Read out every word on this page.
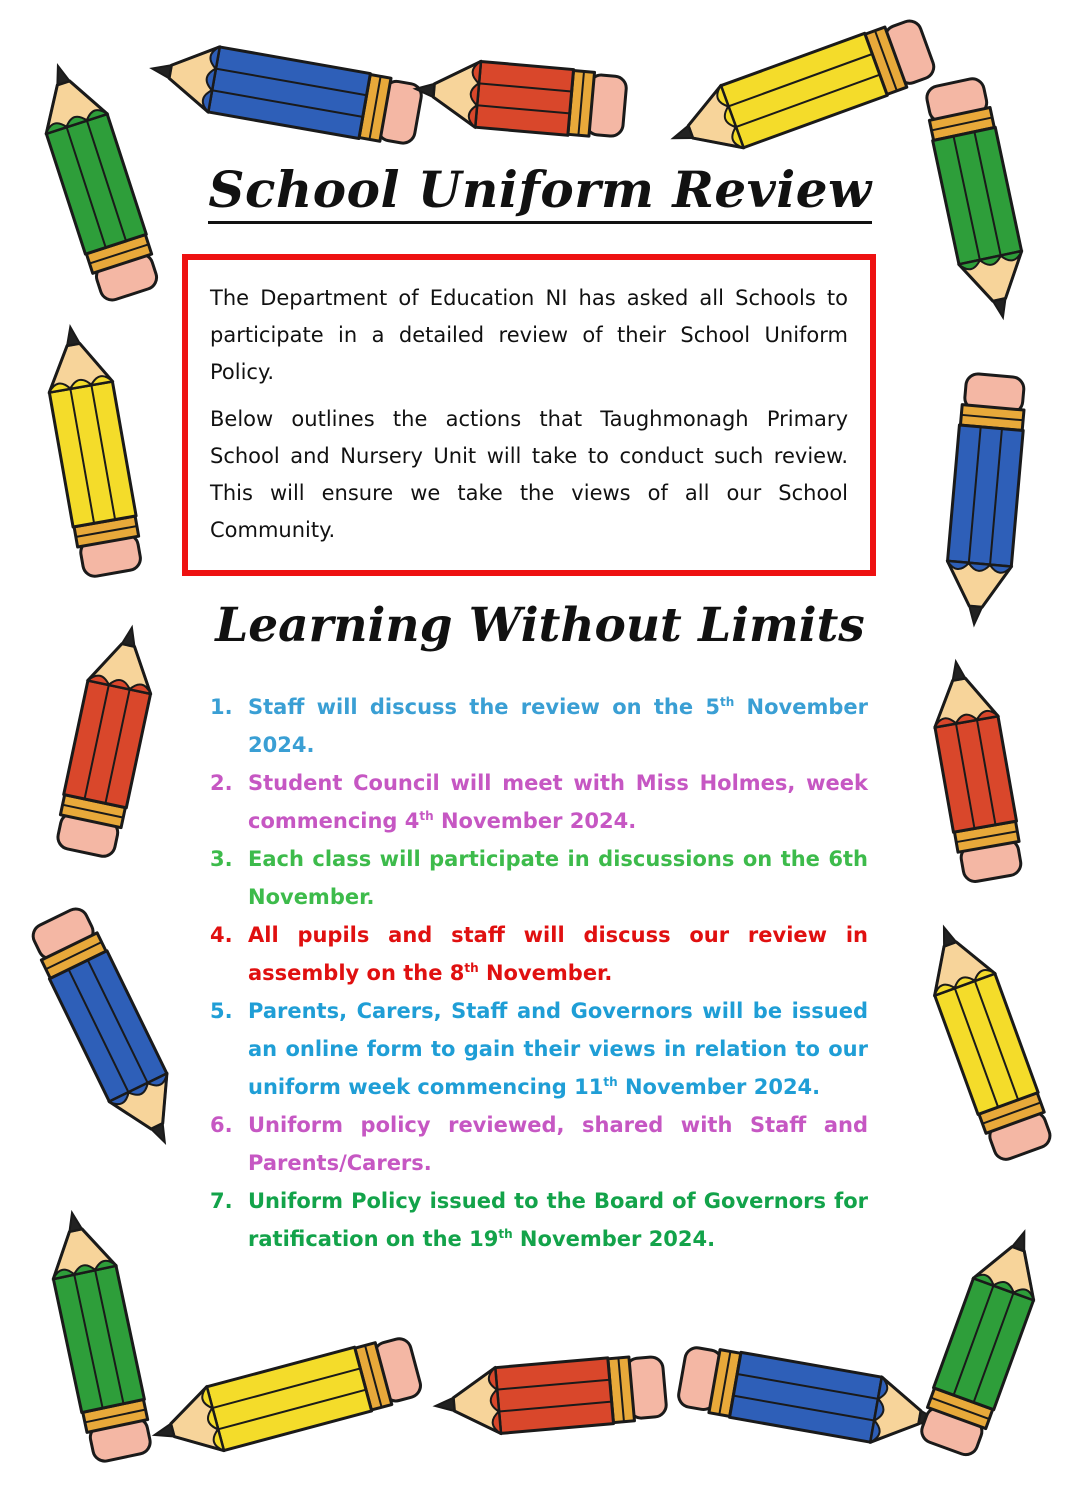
School Uniform Review

The Department of Education NI has asked all Schools to participate in a detailed review of their School Uniform Policy.

Below outlines the actions that Taughmonagh Primary School and Nursery Unit will take to conduct such review. This will ensure we take the views of all our School Community.

Learning Without Limits
1. Staff will discuss the review on the 5th November 2024.
2. Student Council will meet with Miss Holmes, week commencing 4th November 2024.
3. Each class will participate in discussions on the 6th November.
4. All pupils and staff will discuss our review in assembly on the 8th November.
5. Parents, Carers, Staff and Governors will be issued an online form to gain their views in relation to our uniform week commencing 11th November 2024.
6. Uniform policy reviewed, shared with Staff and Parents/Carers.
7. Uniform Policy issued to the Board of Governors for ratification on the 19th November 2024.
